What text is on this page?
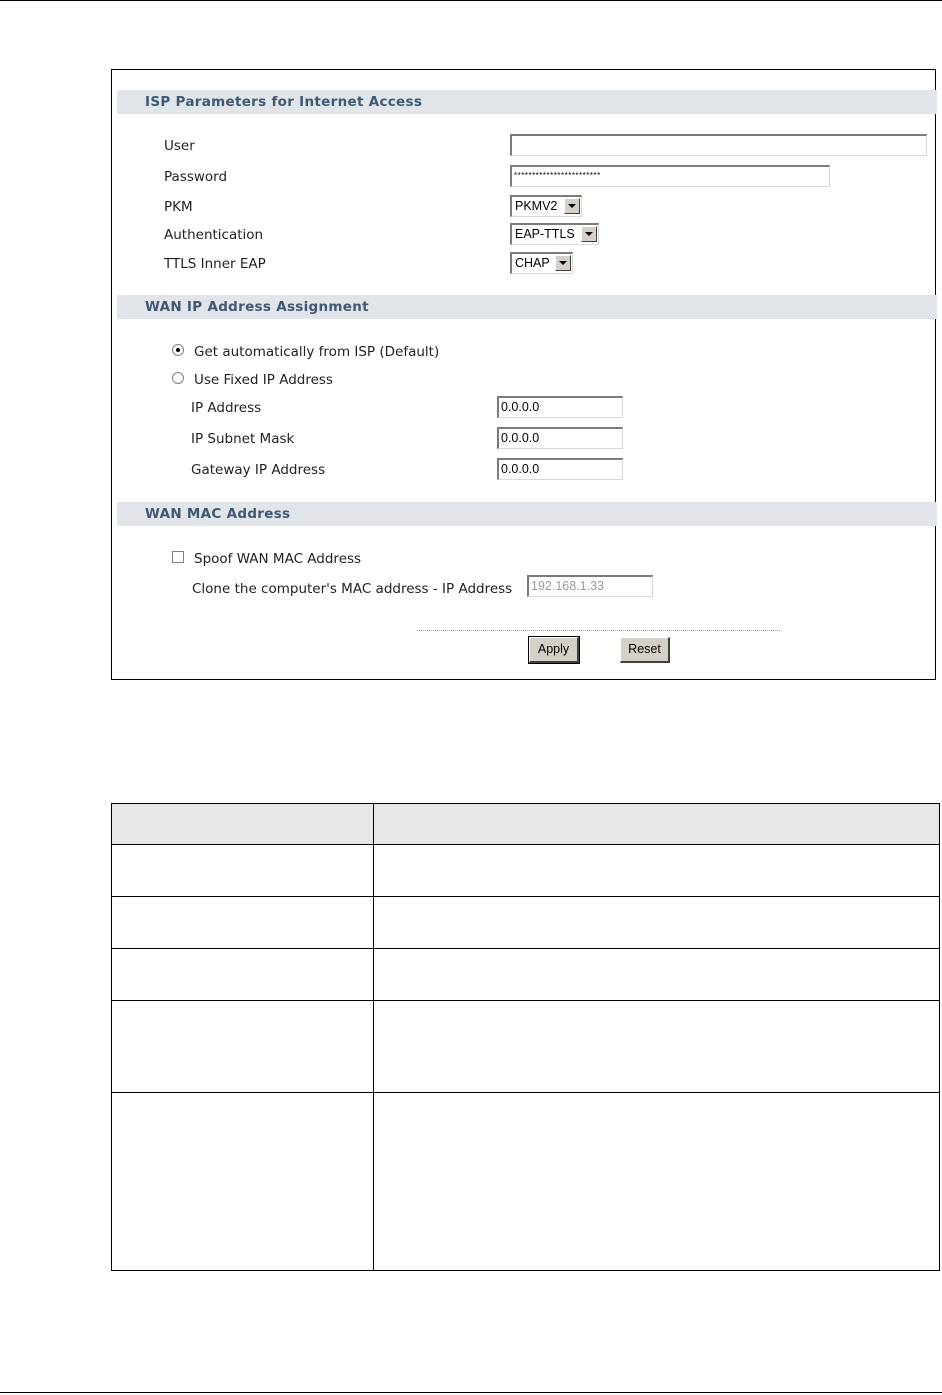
ISP Parameters for Internet Access
User
Password	************************
PKM	PKMV2
Authentication	EAP-TTLS
TTLS Inner EAP	CHAP
WAN IP Address Assignment
Get automatically from ISP (Default)
Use Fixed IP Address
IP Address	0.0.0.0
IP Subnet Mask	0.0.0.0
Gateway IP Address	0.0.0.0
WAN MAC Address
Spoof WAN MAC Address
Clone the computer's MAC address - IP Address	192.168.1.33
Apply	Reset
